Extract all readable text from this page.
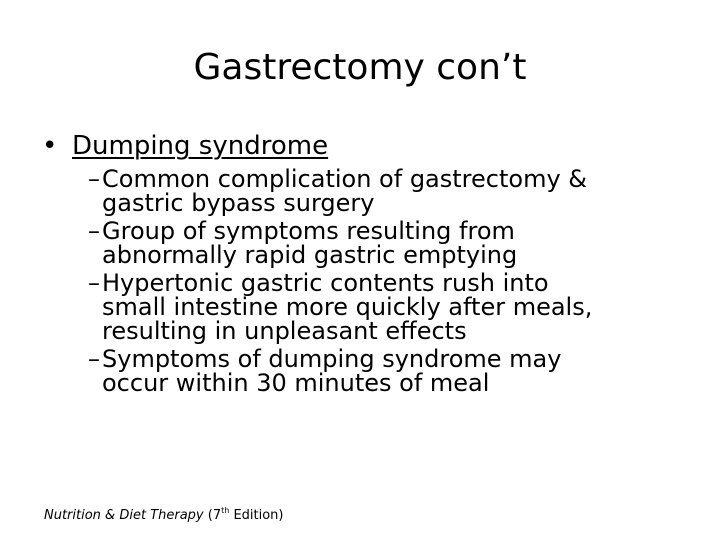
Gastrectomy con’t
• Dumping syndrome
– Common complication of gastrectomy &
gastric bypass surgery
– Group of symptoms resulting from
abnormally rapid gastric emptying
– Hypertonic gastric contents rush into
small intestine more quickly after meals,
resulting in unpleasant effects
– Symptoms of dumping syndrome may
occur within 30 minutes of meal
Nutrition & Diet Therapy (7th Edition)
